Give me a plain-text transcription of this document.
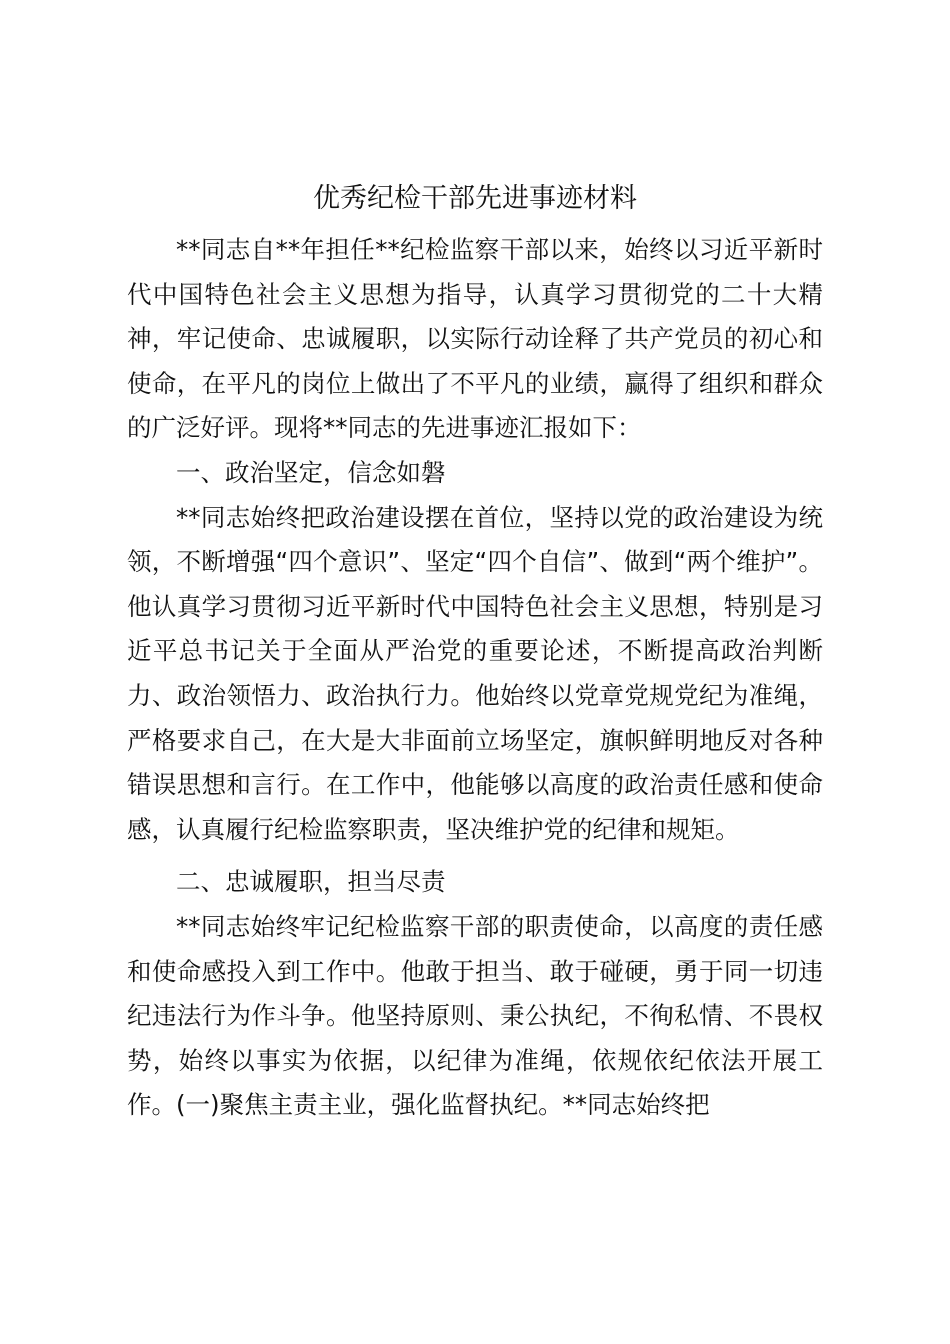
优秀纪检干部先进事迹材料

**同志自**年担任**纪检监察干部以来，始终以习近平新时代中国特色社会主义思想为指导，认真学习贯彻党的二十大精神，牢记使命、忠诚履职，以实际行动诠释了共产党员的初心和使命，在平凡的岗位上做出了不平凡的业绩，赢得了组织和群众的广泛好评。现将**同志的先进事迹汇报如下：

一、政治坚定，信念如磐

**同志始终把政治建设摆在首位，坚持以党的政治建设为统领，不断增强“四个意识”、坚定“四个自信”、做到“两个维护”。他认真学习贯彻习近平新时代中国特色社会主义思想，特别是习近平总书记关于全面从严治党的重要论述，不断提高政治判断力、政治领悟力、政治执行力。他始终以党章党规党纪为准绳，严格要求自己，在大是大非面前立场坚定，旗帜鲜明地反对各种错误思想和言行。在工作中，他能够以高度的政治责任感和使命感，认真履行纪检监察职责，坚决维护党的纪律和规矩。

二、忠诚履职，担当尽责

**同志始终牢记纪检监察干部的职责使命，以高度的责任感和使命感投入到工作中。他敢于担当、敢于碰硬，勇于同一切违纪违法行为作斗争。他坚持原则、秉公执纪，不徇私情、不畏权势，始终以事实为依据，以纪律为准绳，依规依纪依法开展工作。(一)聚焦主责主业，强化监督执纪。**同志始终把
